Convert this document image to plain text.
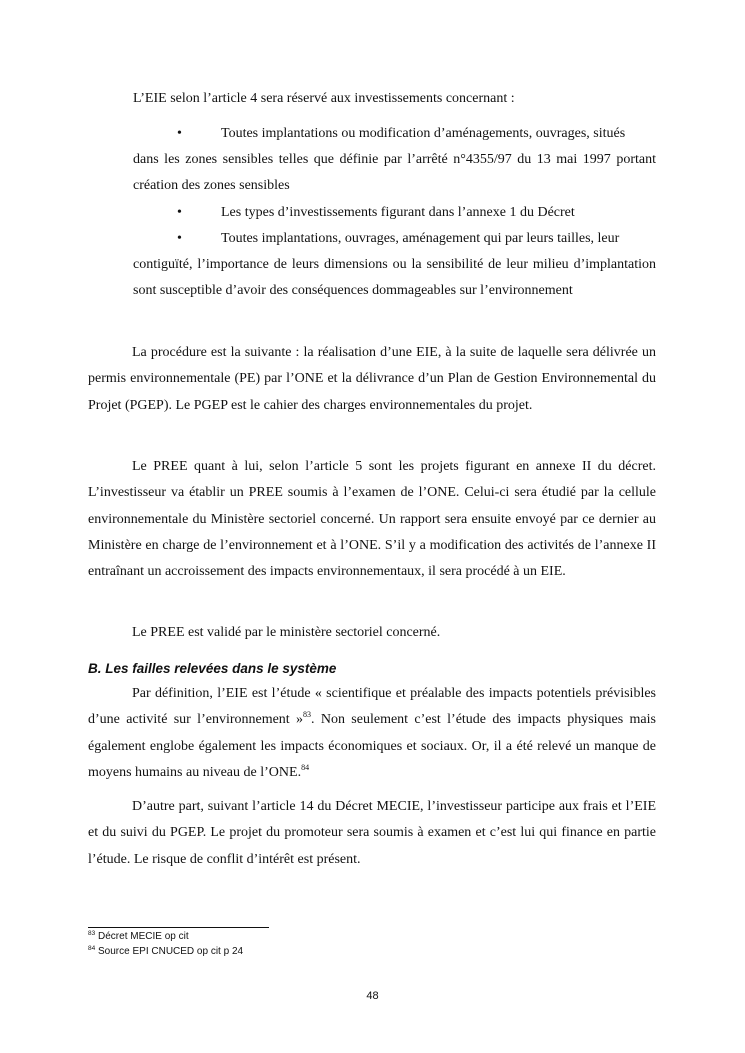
L’EIE selon l’article 4 sera réservé aux investissements concernant :

•	Toutes implantations ou modification d’aménagements, ouvrages, situés

dans les zones sensibles telles que définie par l’arrêté n°4355/97 du 13 mai 1997 portant création des zones sensibles

•	Les types d’investissements figurant dans l’annexe 1 du Décret
•	Toutes implantations, ouvrages, aménagement qui par leurs tailles, leur

contiguïté, l’importance de leurs dimensions ou la sensibilité de leur milieu d’implantation sont susceptible d’avoir des conséquences dommageables sur l’environnement

La procédure est la suivante : la réalisation d’une EIE, à la suite de laquelle sera délivrée un permis environnementale (PE) par l’ONE et la délivrance d’un Plan de Gestion Environnemental du Projet (PGEP). Le PGEP est le cahier des charges environnementales du projet.

Le PREE quant à lui, selon l’article 5 sont les projets figurant en annexe II du décret. L’investisseur va établir un PREE soumis à l’examen de l’ONE. Celui-ci sera étudié par la cellule environnementale du Ministère sectoriel concerné. Un rapport sera ensuite envoyé par ce dernier au Ministère en charge de l’environnement et à l’ONE. S’il y a modification des activités de l’annexe II entraînant un accroissement des impacts environnementaux, il sera procédé à un EIE.

Le PREE est validé par le ministère sectoriel concerné.

B. Les failles relevées dans le système

Par définition, l’EIE est l’étude « scientifique et préalable des impacts potentiels prévisibles d’une activité sur l’environnement »$^{83}$. Non seulement c’est l’étude des impacts physiques mais également englobe également les impacts économiques et sociaux. Or, il a été relevé un manque de moyens humains au niveau de l’ONE.$^{84}$

D’autre part, suivant l’article 14 du Décret MECIE, l’investisseur participe aux frais et l’EIE et du suivi du PGEP. Le projet du promoteur sera soumis à examen et c’est lui qui finance en partie l’étude. Le risque de conflit d’intérêt est présent.

$^{83}$ Décret MECIE op cit
$^{84}$ Source EPI CNUCED op cit p 24
48
